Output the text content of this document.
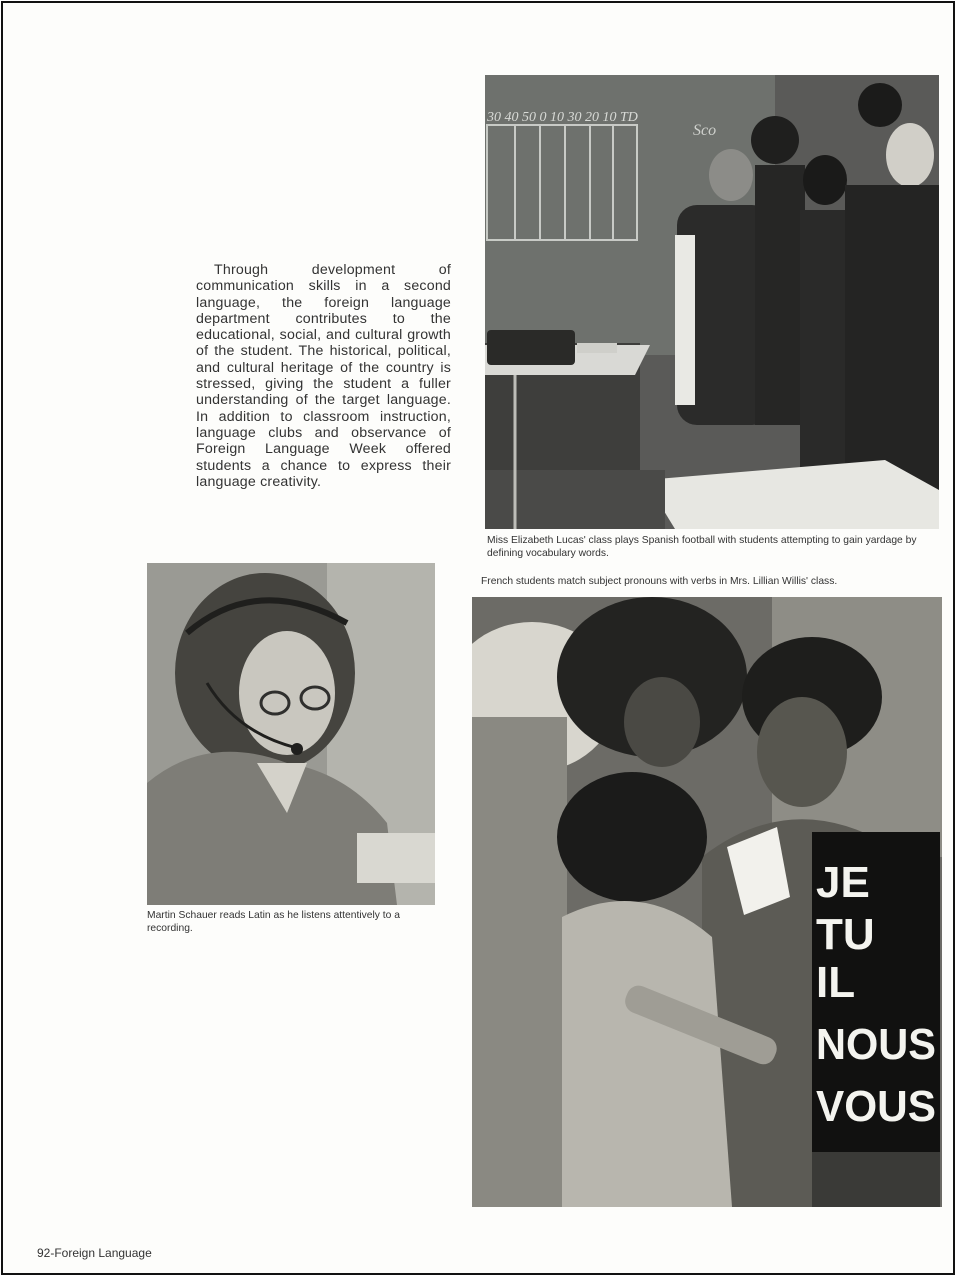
Through development of communication skills in a second language, the foreign language department contributes to the educational, social, and cultural growth of the student. The historical, political, and cultural heritage of the country is stressed, giving the student a fuller understanding of the target language. In addition to classroom instruction, language clubs and observance of Foreign Language Week offered students a chance to express their language creativity.

30 40 50 0 10 30 20 10 TD
Sco

Miss Elizabeth Lucas' class plays Spanish football with students attempting to gain yardage by defining vocabulary words.

French students match subject pronouns with verbs in Mrs. Lillian Willis' class.

Martin Schauer reads Latin as he listens attentively to a recording.

JE
TU
IL
NOUS
VOUS
92-Foreign Language
